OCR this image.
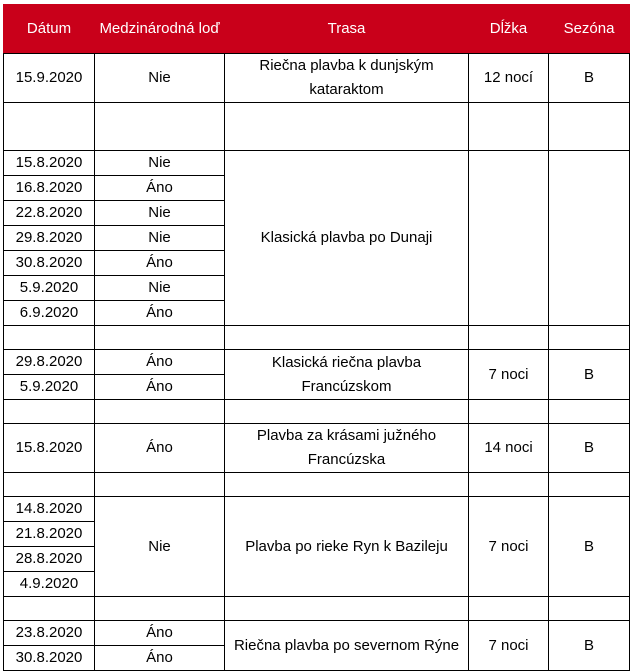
Dátum	Medzinárodná loď	Trasa	Dĺžka	Sezóna
15.9.2020	Nie	Riečna plavba k dunjským kataraktom	12 nocí	B

15.8.2020	Nie	Klasická plavba po Dunaji		
16.8.2020	Áno			
22.8.2020	Nie			
29.8.2020	Nie			
30.8.2020	Áno			
5.9.2020	Nie			
6.9.2020	Áno			

29.8.2020	Áno	Klasická riečna plavba Francúzskom	7 noci	B
5.9.2020	Áno			

15.8.2020	Áno	Plavba za krásami južného Francúzska	14 noci	B

14.8.2020	Nie	Plavba po rieke Ryn k Bazileju	7 noci	B
21.8.2020				
28.8.2020				
4.9.2020				

23.8.2020	Áno	Riečna plavba po severnom Rýne	7 noci	B
30.8.2020	Áno			
